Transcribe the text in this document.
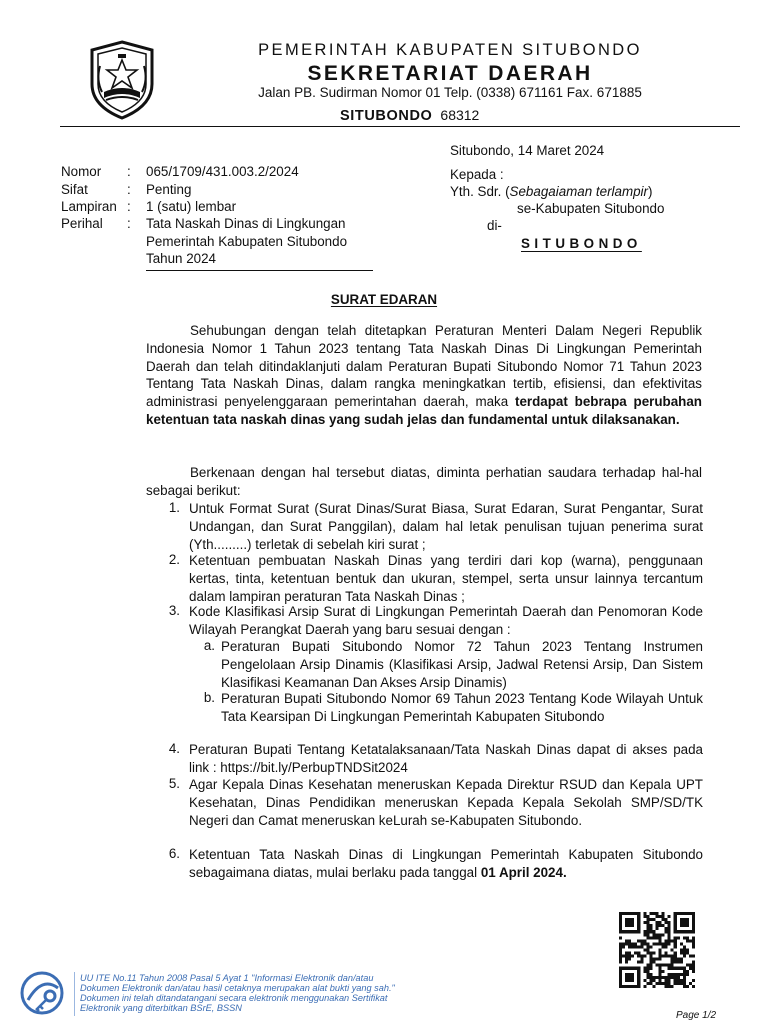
PEMERINTAH KABUPATEN SITUBONDO
SEKRETARIAT DAERAH
Jalan PB. Sudirman Nomor 01 Telp. (0338) 671161 Fax. 671885
SITUBONDO 68312
Situbondo, 14 Maret 2024
Kepada :
Yth. Sdr. (Sebagaiaman terlampir)
se-Kabupaten Situbondo
di-
SITUBONDO
Nomor : 065/1709/431.003.2/2024
Sifat	: Penting
Lampiran : 1 (satu) lembar
Perihal : Tata Naskah Dinas di Lingkungan
Pemerintah Kabupaten Situbondo
Tahun 2024
SURAT EDARAN

Sehubungan dengan telah ditetapkan Peraturan Menteri Dalam Negeri Republik Indonesia Nomor 1 Tahun 2023 tentang Tata Naskah Dinas Di Lingkungan Pemerintah Daerah dan telah ditindaklanjuti dalam Peraturan Bupati Situbondo Nomor 71 Tahun 2023 Tentang Tata Naskah Dinas, dalam rangka meningkatkan tertib, efisiensi, dan efektivitas administrasi penyelenggaraan pemerintahan daerah, maka terdapat bebrapa perubahan ketentuan tata naskah dinas yang sudah jelas dan fundamental untuk dilaksanakan.

Berkenaan dengan hal tersebut diatas, diminta perhatian saudara terhadap hal-hal sebagai berikut:

1. Untuk Format Surat (Surat Dinas/Surat Biasa, Surat Edaran, Surat Pengantar, Surat Undangan, dan Surat Panggilan), dalam hal letak penulisan tujuan penerima surat (Yth.........) terletak di sebelah kiri surat ;
2. Ketentuan pembuatan Naskah Dinas yang terdiri dari kop (warna), penggunaan kertas, tinta, ketentuan bentuk dan ukuran, stempel, serta unsur lainnya tercantum dalam lampiran peraturan Tata Naskah Dinas ;
3. Kode Klasifikasi Arsip Surat di Lingkungan Pemerintah Daerah dan Penomoran Kode Wilayah Perangkat Daerah yang baru sesuai dengan :
a. Peraturan Bupati Situbondo Nomor 72 Tahun 2023 Tentang Instrumen Pengelolaan Arsip Dinamis (Klasifikasi Arsip, Jadwal Retensi Arsip, Dan Sistem Klasifikasi Keamanan Dan Akses Arsip Dinamis)
b. Peraturan Bupati Situbondo Nomor 69 Tahun 2023 Tentang Kode Wilayah Untuk Tata Kearsipan Di Lingkungan Pemerintah Kabupaten Situbondo
4. Peraturan Bupati Tentang Ketatalaksanaan/Tata Naskah Dinas dapat di akses pada link : https://bit.ly/PerbupTNDSit2024
5. Agar Kepala Dinas Kesehatan meneruskan Kepada Direktur RSUD dan Kepala UPT Kesehatan, Dinas Pendidikan meneruskan Kepada Kepala Sekolah SMP/SD/TK Negeri dan Camat meneruskan keLurah se-Kabupaten Situbondo.
6. Ketentuan Tata Naskah Dinas di Lingkungan Pemerintah Kabupaten Situbondo sebagaimana diatas, mulai berlaku pada tanggal 01 April 2024.
UU ITE No.11 Tahun 2008 Pasal 5 Ayat 1 "Informasi Elektronik dan/atau
Dokumen Elektronik dan/atau hasil cetaknya merupakan alat bukti yang sah."
Dokumen ini telah ditandatangani secara elektronik menggunakan Sertifikat
Elektronik yang diterbitkan BSrE, BSSN
Page 1/2
